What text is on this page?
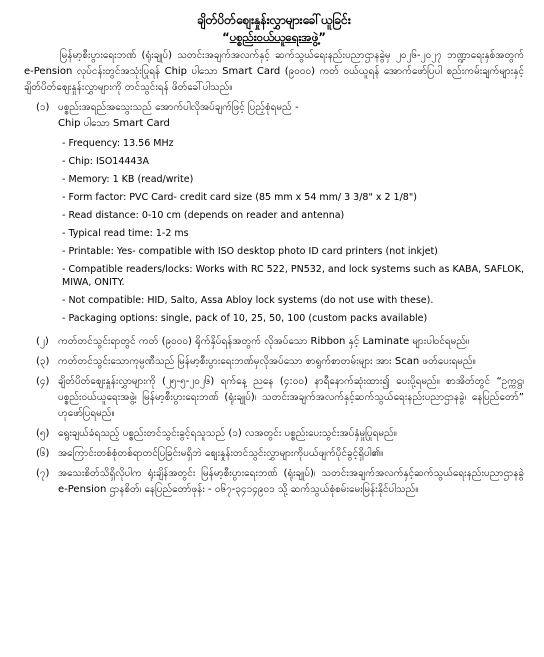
ချိတ်ပိတ်စျေးနှုန်းလွှာများခေါ်ယူခြင်း
“ပစ္စည်းဝယ်ယူရေးအဖွဲ့”

မြန်မာ့စီးပွားရေးဘဏ် (ရုံးချုပ်) သတင်းအချက်အလက်နှင့် ဆက်သွယ်ရေးနည်းပညာဌာနခွဲမှ ၂၀၂၆-၂၀၂၇ ဘဏ္ဍာရေးနှစ်အတွက် e-Pension လုပ်ငန်းတွင်အသုံးပြုရန် Chip ပါသော Smart Card (၉၀၀၀) ကတ် ဝယ်ယူရန် အောက်ဖော်ပြပါ စည်းကမ်းချက်များနှင့် ချိတ်ပိတ်စျေးနှုန်းလွှာများကို တင်သွင်းရန် ဖိတ်ခေါ်ပါသည်။

(၁) ပစ္စည်းအရည်အသွေးသည် အောက်ပါလိုအပ်ချက်ဖြင့် ပြည့်စုံရမည် -
Chip ပါသော Smart Card
- Frequency: 13.56 MHz
- Chip: ISO14443A
- Memory: 1 KB (read/write)
- Form factor: PVC Card- credit card size (85 mm x 54 mm/ 3 3/8" x 2 1/8")
- Read distance: 0-10 cm (depends on reader and antenna)
- Typical read time: 1-2 ms
- Printable: Yes- compatible with ISO desktop photo ID card printers (not inkjet)
- Compatible readers/locks: Works with RC 522, PN532, and lock systems such as KABA, SAFLOK, MIWA, ONITY.
- Not compatible: HID, Salto, Assa Abloy lock systems (do not use with these).
- Packaging options: single, pack of 10, 25, 50, 100 (custom packs available)
(၂) ကတ်တင်သွင်းရာတွင် ကတ် (၉၀၀၀) ရိုက်နှိပ်ရန်အတွက် လိုအပ်သော Ribbon နှင့် Laminate များပါဝင်ရမည်။
(၃) ကတ်တင်သွင်းသောကုမ္ပဏီသည် မြန်မာ့စီးပွားရေးဘဏ်မှလိုအပ်သော စာရွက်စာတမ်းများ အား Scan ဖတ်ပေးရမည်။
(၄) ချိတ်ပိတ်စျေးနှုန်းလွှာများကို (၂၅-၅-၂၀၂၆) ရက်နေ့ ညနေ (၄:၀၀) နာရီနောက်ဆုံးထား၍ ပေးပို့ရမည်။ စာအိတ်တွင် “ဥက္ကဋ္ဌ၊ ပစ္စည်းဝယ်ယူရေးအဖွဲ့၊ မြန်မာ့စီးပွားရေးဘဏ် (ရုံးချုပ်)၊ သတင်းအချက်အလက်နှင့်ဆက်သွယ်ရေးနည်းပညာဌာနခွဲ၊ နေပြည်တော်” ဟုဖော်ပြရမည်။
(၅) ရွေးချယ်ခံရသည့် ပစ္စည်းတင်သွင်းခွင့်ရသူသည် (၁) လအတွင်း ပစ္စည်းပေးသွင်းအပ်နှံမှုပြုရမည်။
(၆) အကြောင်းတစ်စုံတစ်ရာတင်ပြခြင်းမရှိဘဲ စျေးနှုန်းတင်သွင်းလွှာများကိုပယ်ဖျက်ပိုင်ခွင့်ရှိပါ၏။
(၇) အသေးစိတ်သိရှိလိုပါက ရုံးချိန်အတွင်း မြန်မာ့စီးပွားရေးဘဏ် (ရုံးချုပ်)၊ သတင်းအချက်အလက်နှင့်ဆက်သွယ်ရေးနည်းပညာဌာနခွဲ e-Pension ဌာနစိတ်၊ နေပြည်တော်ဖုန်း - ၀၆၇-၃၄၁၄၉၀၁ သို့ ဆက်သွယ်စုံစမ်းမေးမြန်းနိုင်ပါသည်။
